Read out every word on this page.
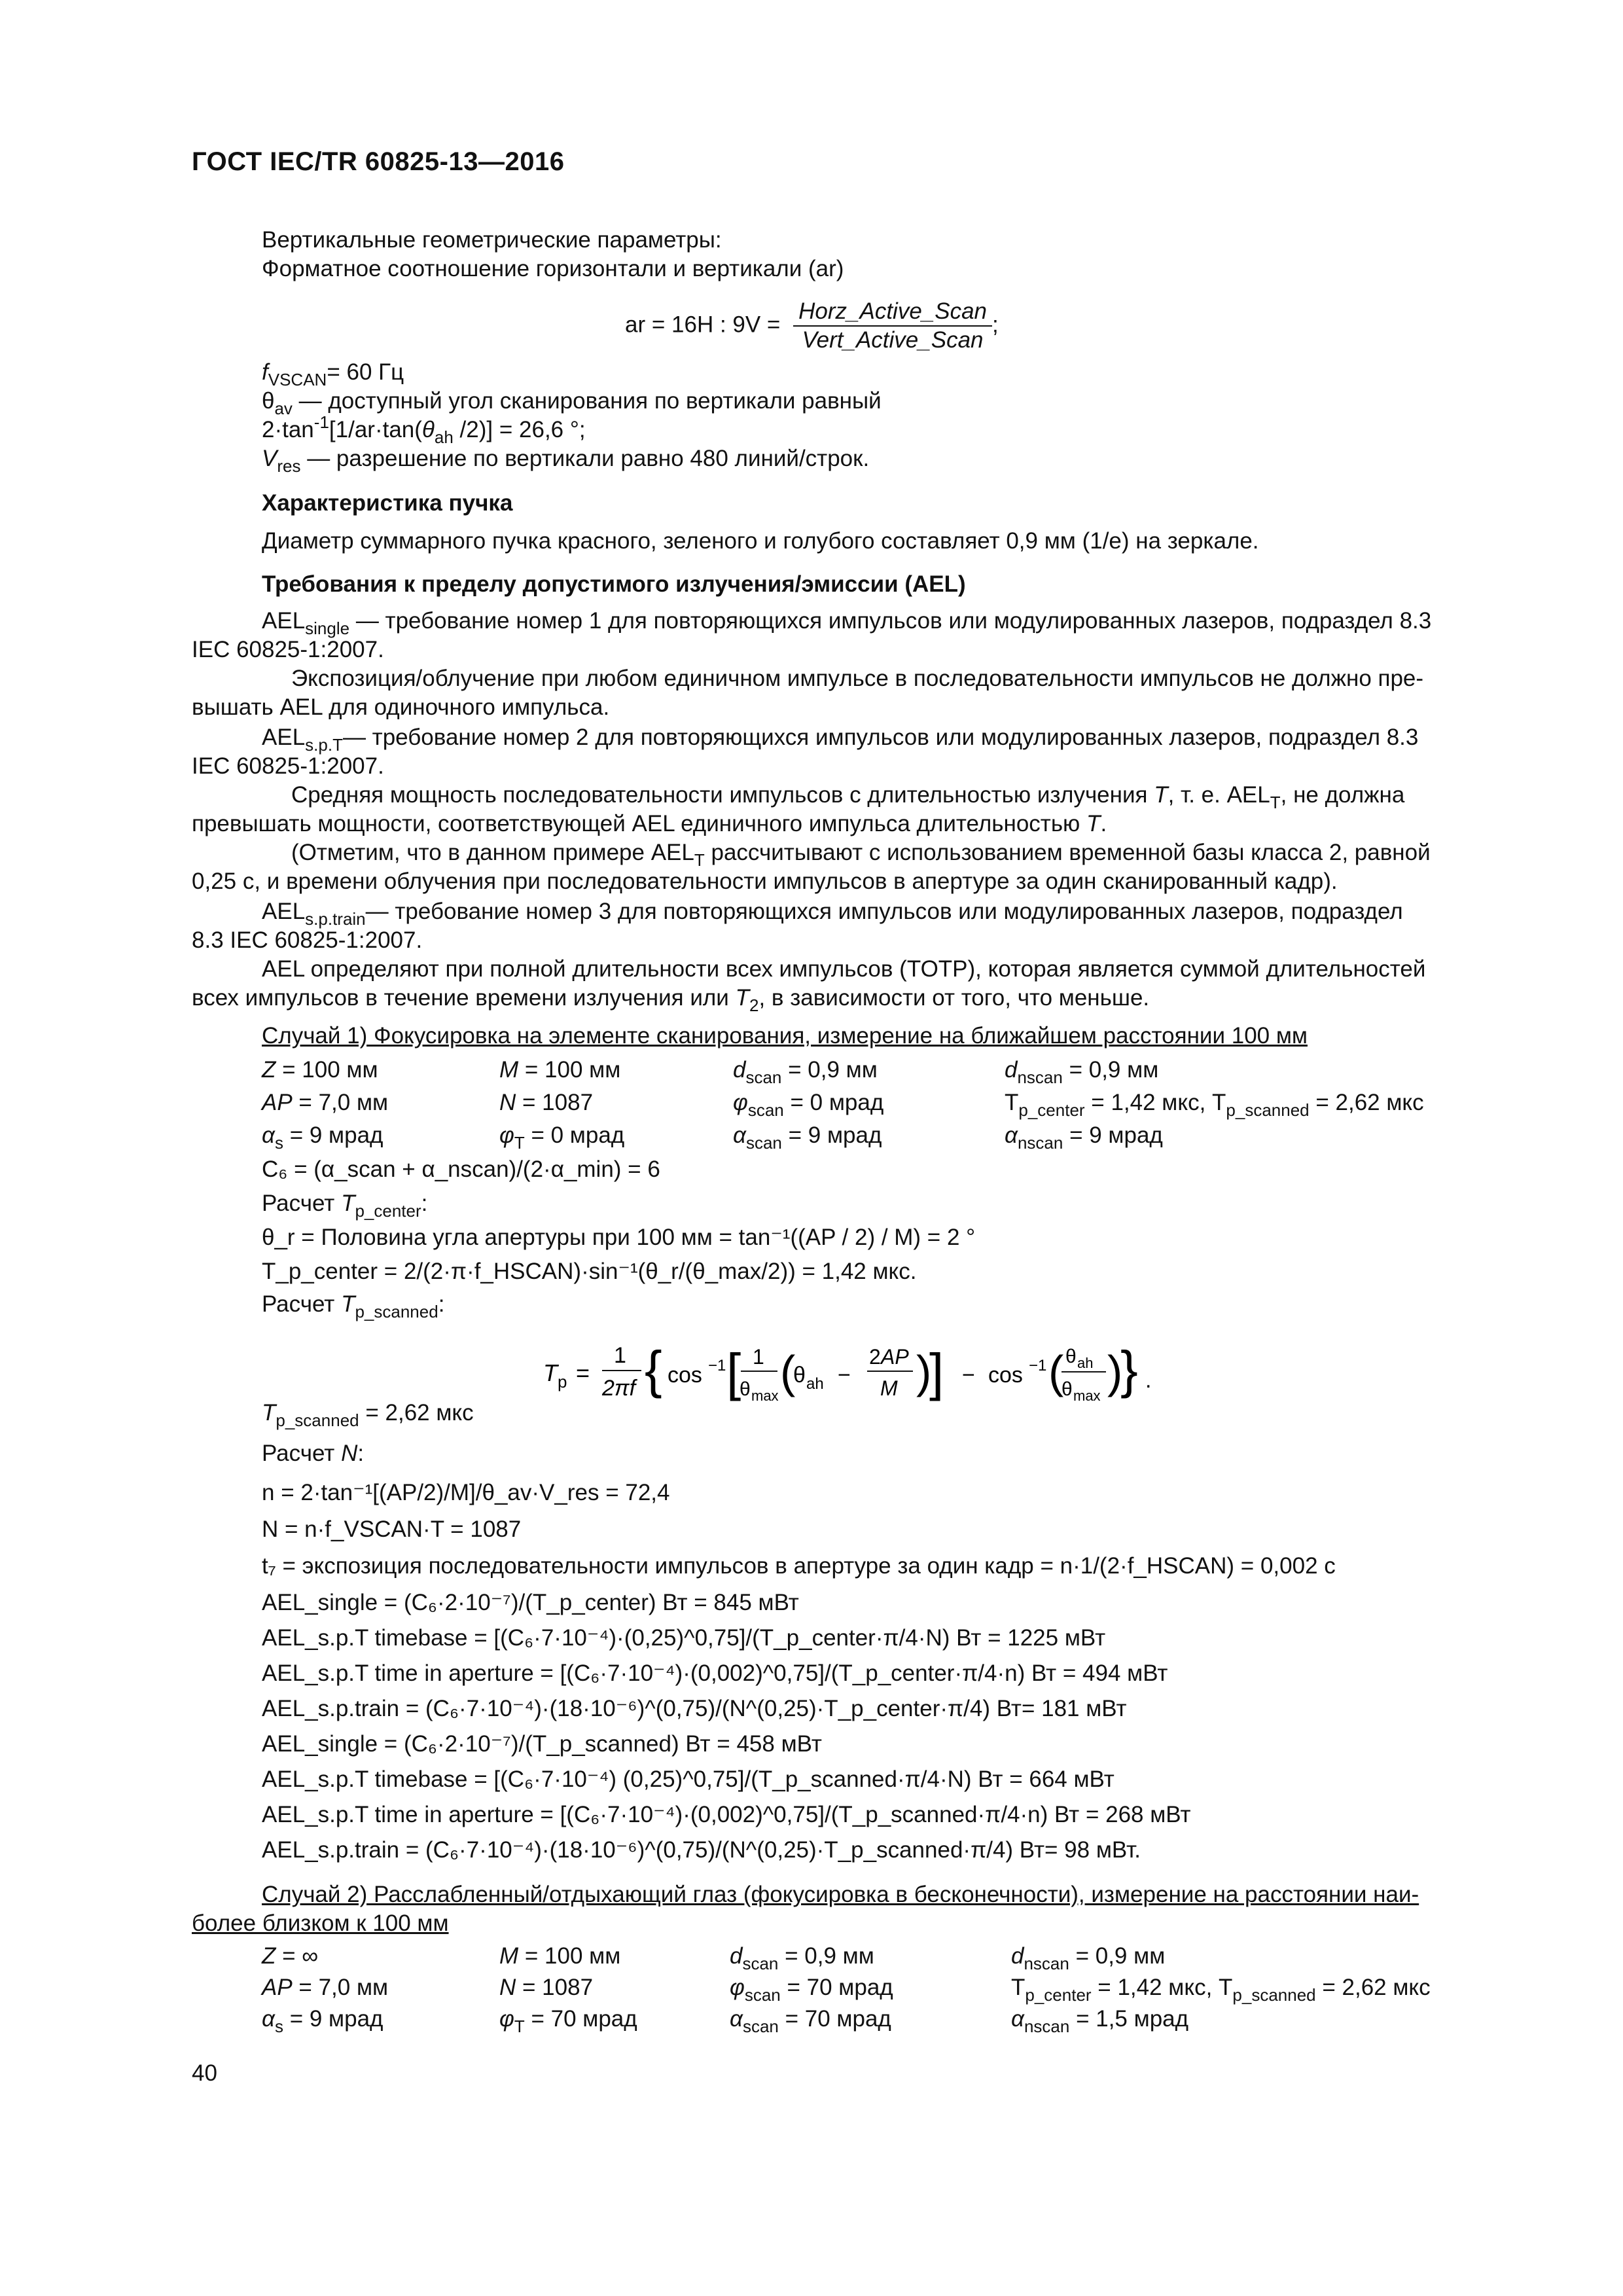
ГОСТ IEC/TR 60825-13—2016
Вертикальные геометрические параметры:
Форматное соотношение горизонтали и вертикали (ar)
ar = 16H : $9V = \frac{\text{Horz\_Active\_Scan}}{\text{Vert\_Active\_Scan}}$ ;
$f_{VSCAN}= 60$ Гц
$\theta_{av}$ — доступный угол сканирования по вертикали равный
$2\cdot\tan^{-1}[1/ar\cdot\tan(\theta_{ah}$ /2)] = 26,6 °;
$V_{res}$ — разрешение по вертикали равно 480 линий/строк.
Характеристика пучка
Диаметр суммарного пучка красного, зеленого и голубого составляет 0,9 мм (1/е) на зеркале.
Требования к пределу допустимого излучения/эмиссии (AEL)
$AEL_{single}$ — требование номер 1 для повторяющихся импульсов или модулированных лазеров, подраздел 8.3
IEC 60825-1:2007.
Экспозиция/облучение при любом единичном импульсе в последовательности импульсов не должно пре-
вышать AEL для одиночного импульса.
$AEL_{s.p.T}—$ требование номер 2 для повторяющихся импульсов или модулированных лазеров, подраздел 8.3
IEC 60825-1:2007.
Средняя мощность последовательности импульсов с длительностью излучения T, т. е. $AEL_T$, не должна
превышать мощности, соответствующей AEL единичного импульса длительностью T.
(Отметим, что в данном примере $AEL_T$ рассчитывают с использованием временной базы класса 2, равной
0,25 с, и времени облучения при последовательности импульсов в апертуре за один сканированный кадр).
$AEL_{s.p.train}—$ требование номер 3 для повторяющихся импульсов или модулированных лазеров, подраздел
8.3 IEC 60825-1:2007.
AEL определяют при полной длительности всех импульсов (TOTP), которая является суммой длительностей
всех импульсов в течение времени излучения или $T_2$, в зависимости от того, что меньше.
Случай 1) Фокусировка на элементе сканирования, измерение на ближайшем расстоянии 100 мм
Z = 100 мм	M = 100 мм	$d_{scan} = 0,9$ мм	$d_{nscan} = 0,9$ мм
AP = 7,0 мм	N = 1087	$\varphi_{scan} = 0$ мрад	$T_{p\_center} = 1,42$ мкс, $T_{p\_scanned} = 2,62$ мкс
$\alpha_s = 9$ мрад	$\varphi_T = 0$ мрад	$\alpha_{scan} = 9$ мрад	$\alpha_{nscan} = 9$ мрад
C₆ = (α_scan + α_nscan)/(2·α_min) = 6
Расчет $T_{p\_center}$:
θ_r = Половина угла апертуры при 100 мм = tan⁻¹((AP / 2) / M) = 2 °
T_p_center = 2/(2·π·f_HSCAN)·sin⁻¹(θ_r/(θ_max/2)) = 1,42 мкс.
Расчет $T_{p\_scanned}$:
T p =
1
2πf { cos −1 [ 1
θ max (
θ ah −
2 AP
M )
] − cos −1 ( θ ah
θ max )
} .
$T_{p\_scanned} = 2,62$ мкс
Расчет N:
n = 2·tan⁻¹[(AP/2)/M]/θ_av·V_res = 72,4
N = n·f_VSCAN·T = 1087
t₇ = экспозиция последовательности импульсов в апертуре за один кадр = n·1/(2·f_HSCAN) = 0,002 с
AEL_single = (C₆·2·10⁻⁷)/(T_p_center) Вт = 845 мВт
AEL_s.p.T timebase = [(C₆·7·10⁻⁴)·(0,25)^0,75]/(T_p_center·π/4·N) Вт = 1225 мВт
AEL_s.p.T time in aperture = [(C₆·7·10⁻⁴)·(0,002)^0,75]/(T_p_center·π/4·n) Вт = 494 мВт
AEL_s.p.train = (C₆·7·10⁻⁴)·(18·10⁻⁶)^(0,75)/(N^(0,25)·T_p_center·π/4) Вт= 181 мВт
AEL_single = (C₆·2·10⁻⁷)/(T_p_scanned) Вт = 458 мВт
AEL_s.p.T timebase = [(C₆·7·10⁻⁴) (0,25)^0,75]/(T_p_scanned·π/4·N) Вт = 664 мВт
AEL_s.p.T time in aperture = [(C₆·7·10⁻⁴)·(0,002)^0,75]/(T_p_scanned·π/4·n) Вт = 268 мВт
AEL_s.p.train = (C₆·7·10⁻⁴)·(18·10⁻⁶)^(0,75)/(N^(0,25)·T_p_scanned·π/4) Вт= 98 мВт.
Случай 2) Расслабленный/отдыхающий глаз (фокусировка в бесконечности), измерение на расстоянии наи-
более близком к 100 мм
Z = ∞	M = 100 мм	$d_{scan} = 0,9$ мм	$d_{nscan} = 0,9$ мм
AP = 7,0 мм	N = 1087	$\varphi_{scan} = 70$ мрад	$T_{p\_center} = 1,42$ мкс, $T_{p\_scanned} = 2,62$ мкс
$\alpha_s = 9$ мрад	$\varphi_T = 70$ мрад	$\alpha_{scan} = 70$ мрад	$\alpha_{nscan} = 1,5$ мрад
40
